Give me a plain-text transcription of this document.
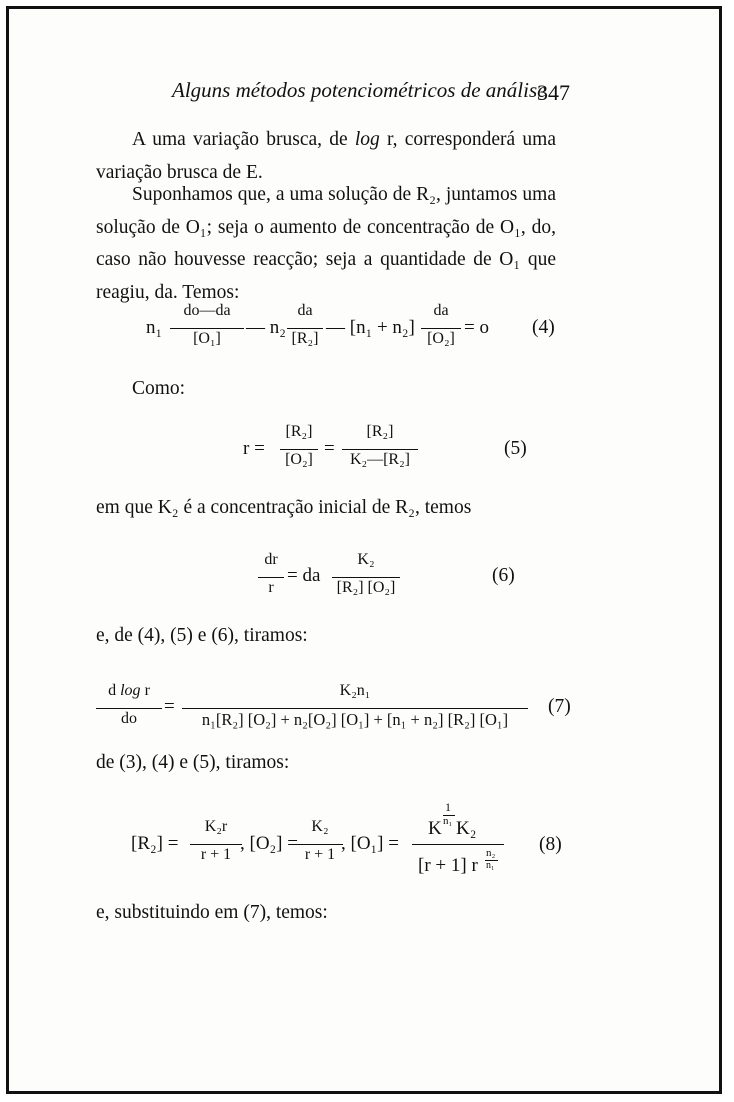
Alguns métodos potenciométricos de análise
347
A uma variação brusca, de log r, corresponderá uma variação brusca de E.
Suponhamos que, a uma solução de R₂, juntamos uma solução de O₁; seja o aumento de concentração de O₁, do, caso não houvesse reacção; seja a quantidade de O₁ que reagiu, da. Temos:
n₁
do—da
[O₁]
— n₂
da
[R₂]
— [n₁ + n₂]
da
[O₂]
= o (4)
Como:
r =
[R₂]
[O₂]
=
[R₂]
K₂—[R₂]
(5)
em que K₂ é a concentração inicial de R₂, temos
dr
r
= da
K₂
[R₂] [O₂]
(6)
e, de (4), (5) e (6), tiramos:
d log r
do
=
K₂n₁
n₁[R₂] [O₂] + n₂[O₂] [O₁] + [n₁ + n₂] [R₂] [O₁]
(7)
de (3), (4) e (5), tiramos:
[R₂] =
K₂r
r + 1
, [O₂] =
K₂
r + 1
, [O₁] =
K
1
n₁ K₂
[r + 1] r
n₂
n₁
(8)
e, substituindo em (7), temos:
